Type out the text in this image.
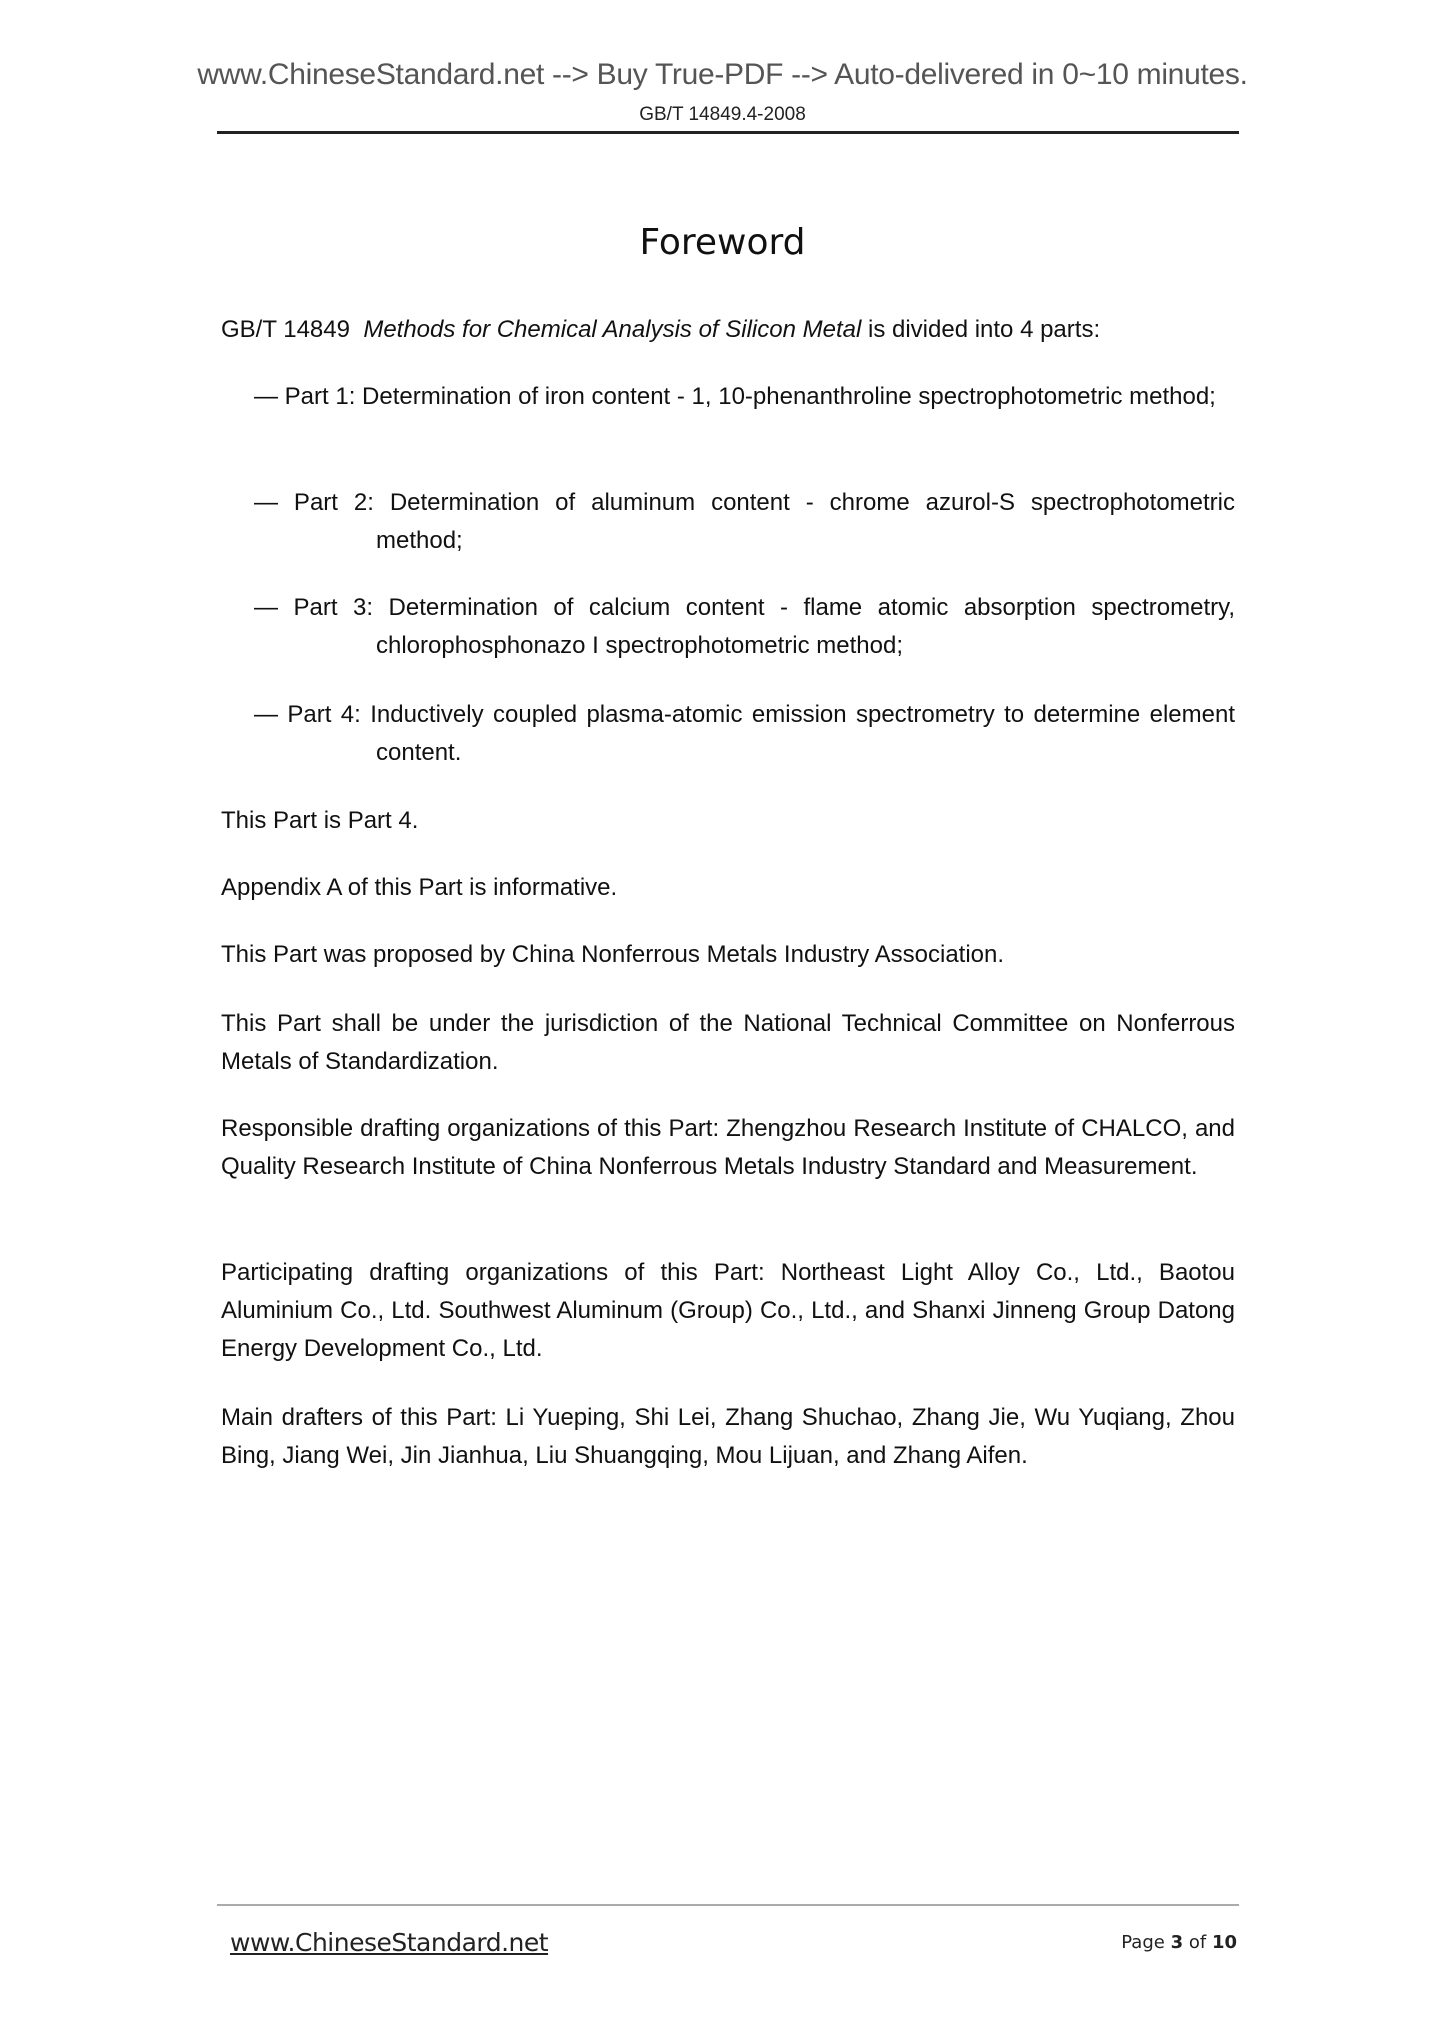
www.ChineseStandard.net --> Buy True-PDF --> Auto-delivered in 0~10 minutes.
GB/T 14849.4-2008
Foreword
GB/T 14849 Methods for Chemical Analysis of Silicon Metal is divided into 4 parts:
— Part 1: Determination of iron content - 1, 10-phenanthroline spectrophotometric method;
— Part 2: Determination of aluminum content - chrome azurol-S spectrophotometric method;
— Part 3: Determination of calcium content - flame atomic absorption spectrometry, chlorophosphonazo I spectrophotometric method;
— Part 4: Inductively coupled plasma-atomic emission spectrometry to determine element content.
This Part is Part 4.
Appendix A of this Part is informative.
This Part was proposed by China Nonferrous Metals Industry Association.
This Part shall be under the jurisdiction of the National Technical Committee on Nonferrous Metals of Standardization.
Responsible drafting organizations of this Part: Zhengzhou Research Institute of CHALCO, and Quality Research Institute of China Nonferrous Metals Industry Standard and Measurement.
Participating drafting organizations of this Part: Northeast Light Alloy Co., Ltd., Baotou Aluminium Co., Ltd. Southwest Aluminum (Group) Co., Ltd., and Shanxi Jinneng Group Datong Energy Development Co., Ltd.
Main drafters of this Part: Li Yueping, Shi Lei, Zhang Shuchao, Zhang Jie, Wu Yuqiang, Zhou Bing, Jiang Wei, Jin Jianhua, Liu Shuangqing, Mou Lijuan, and Zhang Aifen.
www.ChineseStandard.net	Page 3 of 10
